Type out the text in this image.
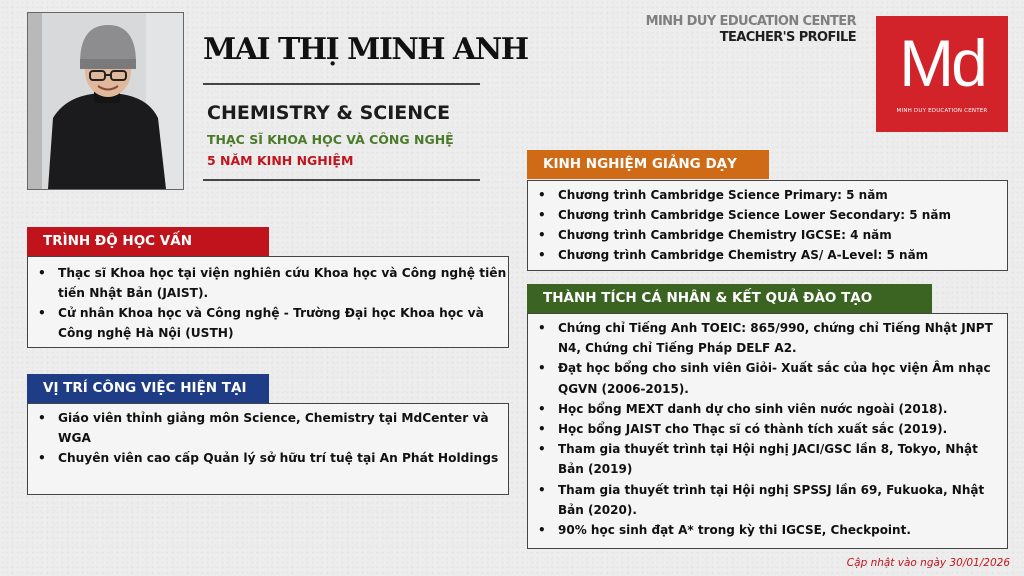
MAI THỊ MINH ANH
CHEMISTRY & SCIENCE
THẠC SĨ KHOA HỌC VÀ CÔNG NGHỆ
5 NĂM KINH NGHIỆM
MINH DUY EDUCATION CENTER
TEACHER'S PROFILE Md
MINH DUY EDUCATION CENTER
TRÌNH ĐỘ HỌC VẤN
• Thạc sĩ Khoa học tại viện nghiên cứu Khoa học và Công nghệ tiên tiến Nhật Bản (JAIST).
• Cử nhân Khoa học và Công nghệ - Trường Đại học Khoa học và Công nghệ Hà Nội (USTH)
VỊ TRÍ CÔNG VIỆC HIỆN TẠI
• Giáo viên thỉnh giảng môn Science, Chemistry tại MdCenter và WGA
• Chuyên viên cao cấp Quản lý sở hữu trí tuệ tại An Phát Holdings
KINH NGHIỆM GIẢNG DẠY
• Chương trình Cambridge Science Primary: 5 năm
• Chương trình Cambridge Science Lower Secondary: 5 năm
• Chương trình Cambridge Chemistry IGCSE: 4 năm
• Chương trình Cambridge Chemistry AS/ A-Level: 5 năm
THÀNH TÍCH CÁ NHÂN & KẾT QUẢ ĐÀO TẠO
• Chứng chỉ Tiếng Anh TOEIC: 865/990, chứng chỉ Tiếng Nhật JNPT N4, Chứng chỉ Tiếng Pháp DELF A2.
• Đạt học bổng cho sinh viên Giỏi- Xuất sắc của học viện Âm nhạc QGVN (2006-2015).
• Học bổng MEXT danh dự cho sinh viên nước ngoài (2018).
• Học bổng JAIST cho Thạc sĩ có thành tích xuất sắc (2019).
• Tham gia thuyết trình tại Hội nghị JACI/GSC lần 8, Tokyo, Nhật Bản (2019)
• Tham gia thuyết trình tại Hội nghị SPSSJ lần 69, Fukuoka, Nhật Bản (2020).
• 90% học sinh đạt A* trong kỳ thi IGCSE, Checkpoint.
Cập nhật vào ngày 30/01/2026
